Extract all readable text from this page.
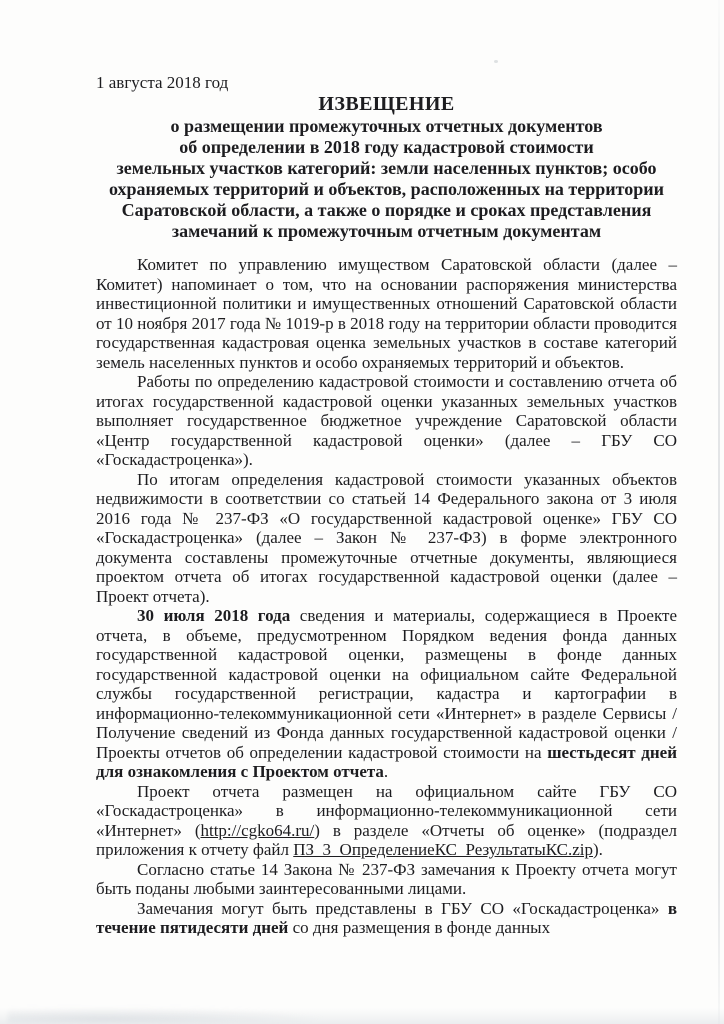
1 августа 2018 год
ИЗВЕЩЕНИЕ
о размещении промежуточных отчетных документов
об определении в 2018 году кадастровой стоимости
земельных участков категорий: земли населенных пунктов; особо
охраняемых территорий и объектов, расположенных на территории
Саратовской области, а также о порядке и сроках представления
замечаний к промежуточным отчетным документам

Комитет по управлению имуществом Саратовской области (далее – Комитет) напоминает о том, что на основании распоряжения министерства инвестиционной политики и имущественных отношений Саратовской области от 10 ноября 2017 года № 1019-р в 2018 году на территории области проводится государственная кадастровая оценка земельных участков в составе категорий земель населенных пунктов и особо охраняемых территорий и объектов.

Работы по определению кадастровой стоимости и составлению отчета об итогах государственной кадастровой оценки указанных земельных участков выполняет государственное бюджетное учреждение Саратовской области «Центр государственной кадастровой оценки» (далее – ГБУ СО «Госкадастроценка»).

По итогам определения кадастровой стоимости указанных объектов недвижимости в соответствии со статьей 14 Федерального закона от 3 июля 2016 года № 237-ФЗ «О государственной кадастровой оценке» ГБУ СО «Госкадастроценка» (далее – Закон № 237-ФЗ) в форме электронного документа составлены промежуточные отчетные документы, являющиеся проектом отчета об итогах государственной кадастровой оценки (далее – Проект отчета).

30 июля 2018 года сведения и материалы, содержащиеся в Проекте отчета, в объеме, предусмотренном Порядком ведения фонда данных государственной кадастровой оценки, размещены в фонде данных государственной кадастровой оценки на официальном сайте Федеральной службы государственной регистрации, кадастра и картографии в информационно-телекоммуникационной сети «Интернет» в разделе Сервисы / Получение сведений из Фонда данных государственной кадастровой оценки / Проекты отчетов об определении кадастровой стоимости на шестьдесят дней для ознакомления с Проектом отчета.

Проект отчета размещен на официальном сайте ГБУ СО «Госкадастроценка» в информационно-телекоммуникационной сети «Интернет» (http://cgko64.ru/) в разделе «Отчеты об оценке» (подраздел приложения к отчету файл ПЗ_3_ОпределениеКС_РезультатыКС.zip).

Согласно статье 14 Закона № 237-ФЗ замечания к Проекту отчета могут быть поданы любыми заинтересованными лицами.

Замечания могут быть представлены в ГБУ СО «Госкадастроценка» в течение пятидесяти дней со дня размещения в фонде данных
